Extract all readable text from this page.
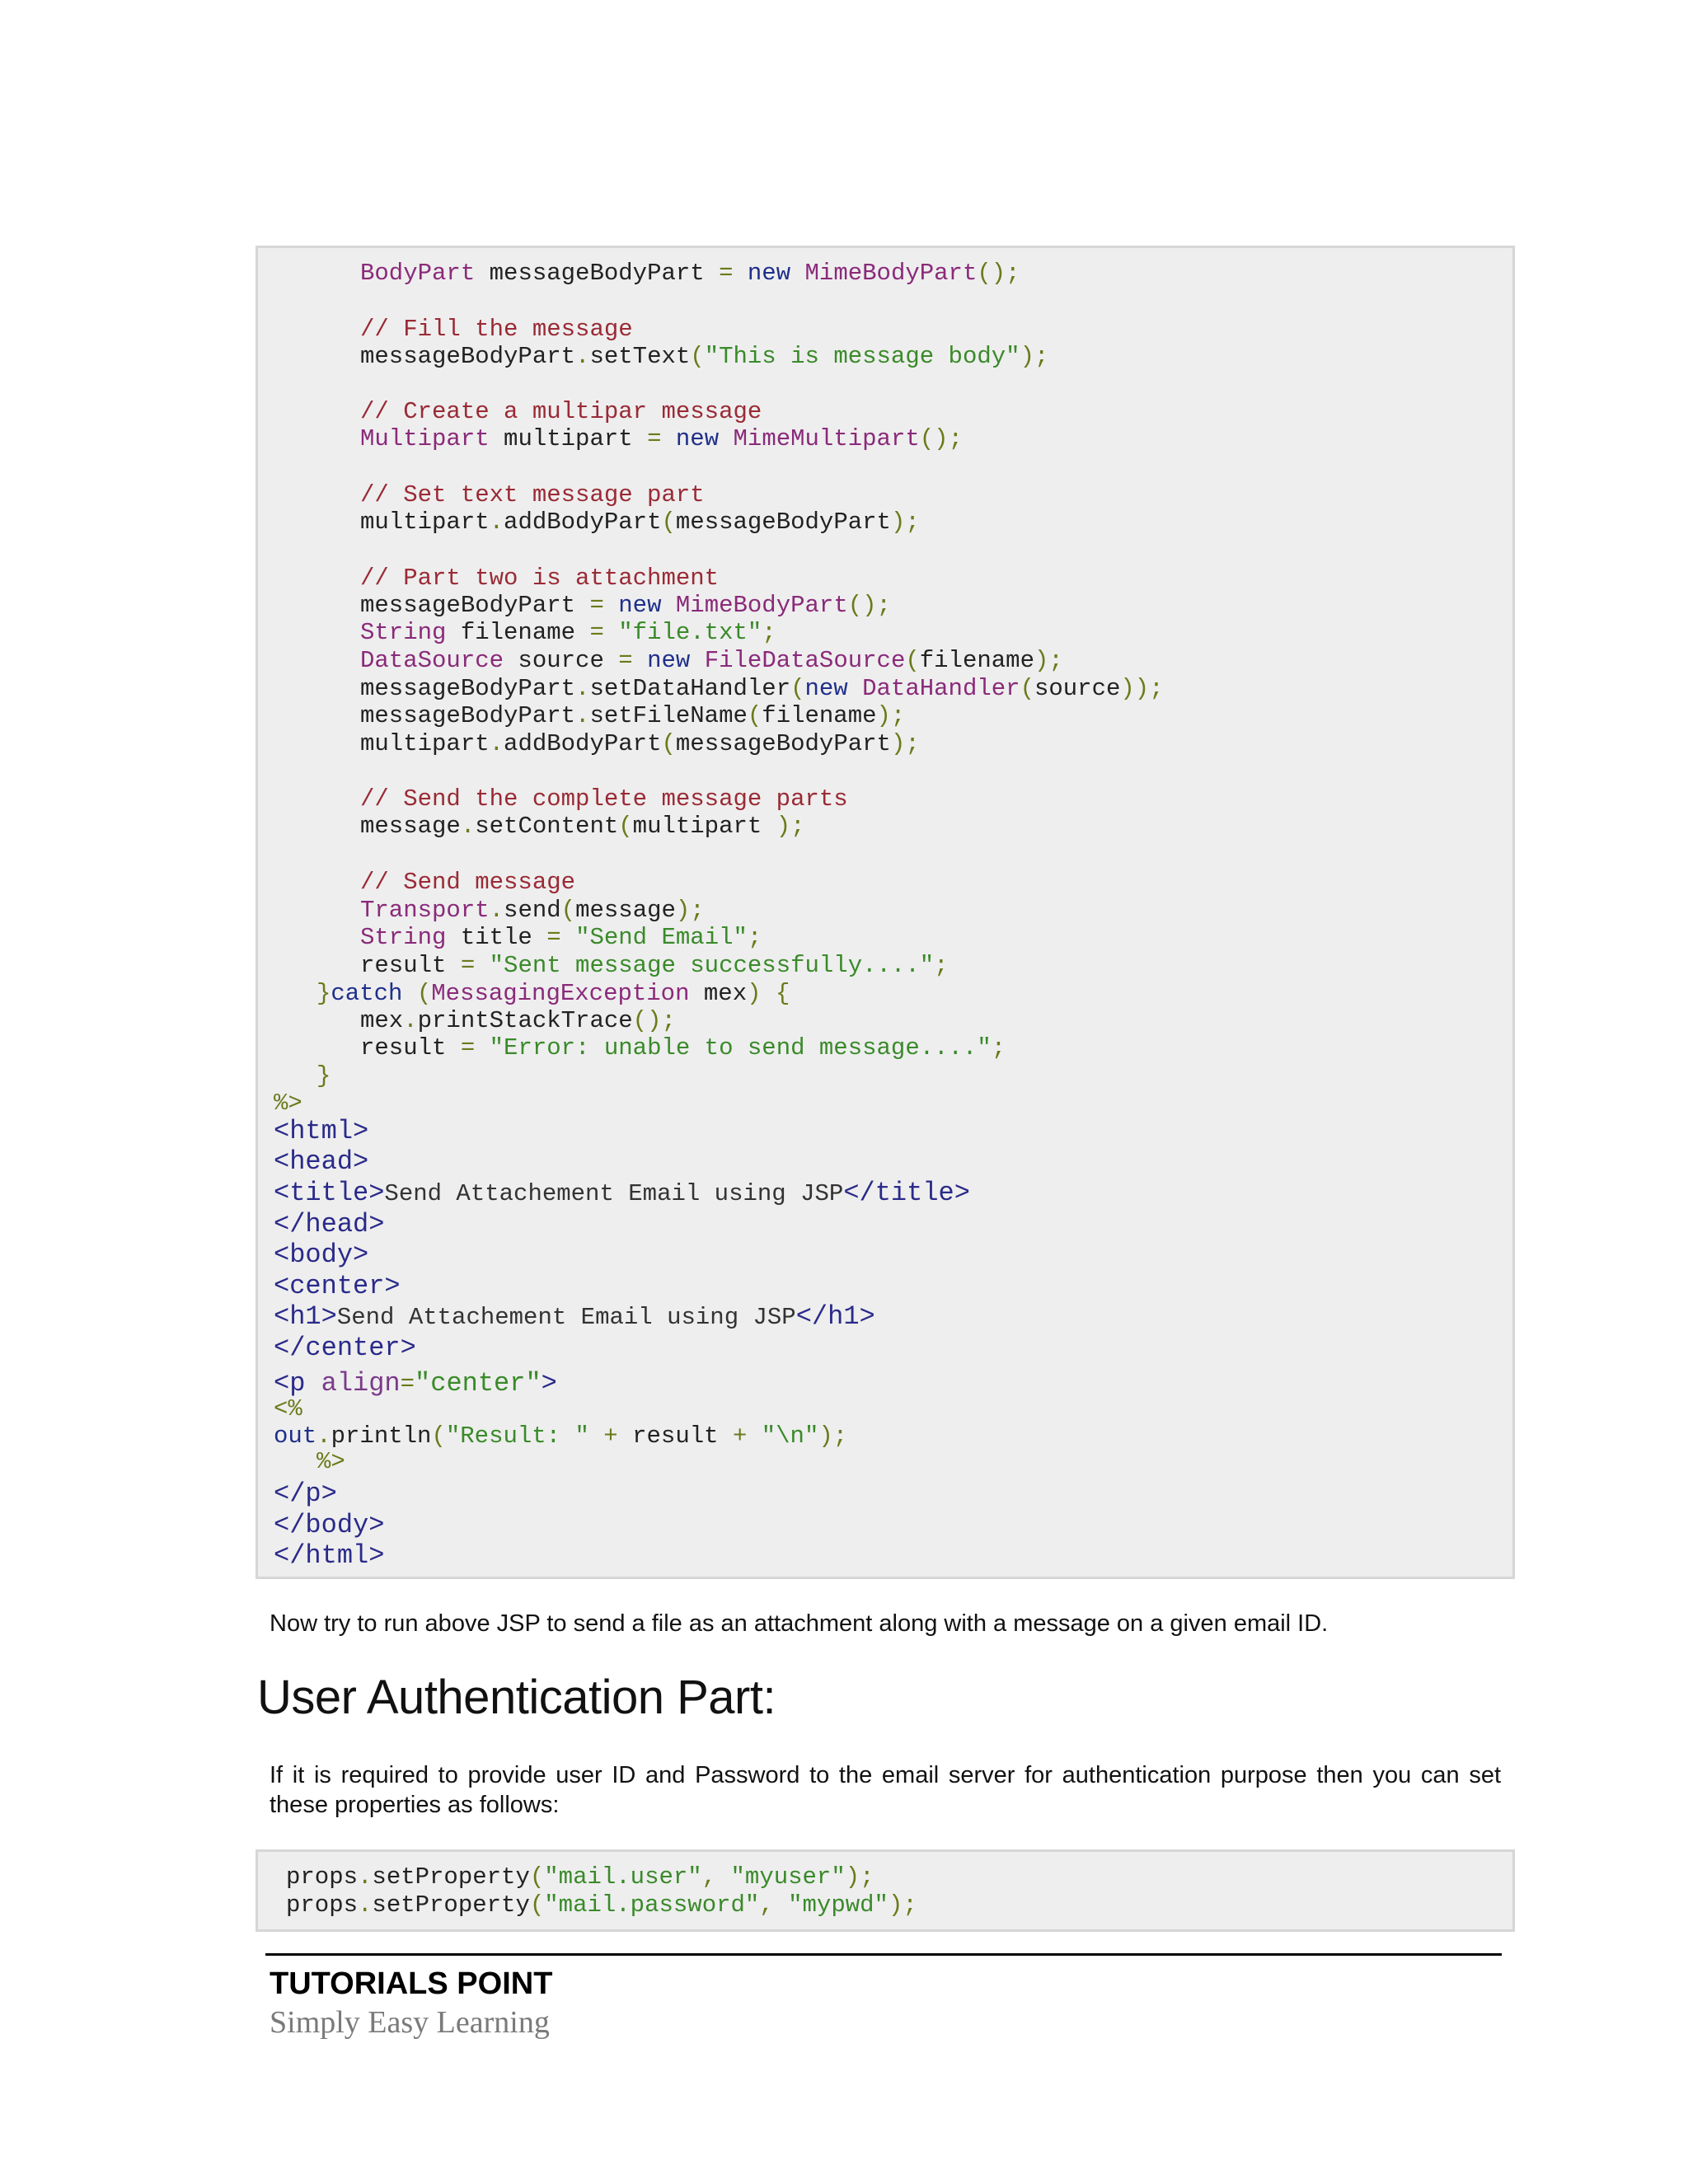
BodyPart messageBodyPart = new MimeBodyPart();
// Fill the message
messageBodyPart.setText("This is message body");
// Create a multipar message
Multipart multipart = new MimeMultipart();
// Set text message part
multipart.addBodyPart(messageBodyPart);
// Part two is attachment
messageBodyPart = new MimeBodyPart();
String filename = "file.txt";
DataSource source = new FileDataSource(filename);
messageBodyPart.setDataHandler(new DataHandler(source));
messageBodyPart.setFileName(filename);
multipart.addBodyPart(messageBodyPart);
// Send the complete message parts
message.setContent(multipart );
// Send message
Transport.send(message);
String title = "Send Email";
result = "Sent message successfully....";
}catch (MessagingException mex) {
mex.printStackTrace();
result = "Error: unable to send message....";
}
%>
<html>
<head>
<title>Send Attachement Email using JSP</title>
</head>
<body>
<center>
<h1>Send Attachement Email using JSP</h1>
</center>
<p align="center">
<%
out.println("Result: " + result + "\n");
%>
</p>
</body>
</html>
Now try to run above JSP to send a file as an attachment along with a message on a given email ID.
User Authentication Part:
If it is required to provide user ID and Password to the email server for authentication purpose then you can set these properties as follows:
props.setProperty("mail.user", "myuser");
props.setProperty("mail.password", "mypwd");
TUTORIALS POINT
Simply Easy Learning
